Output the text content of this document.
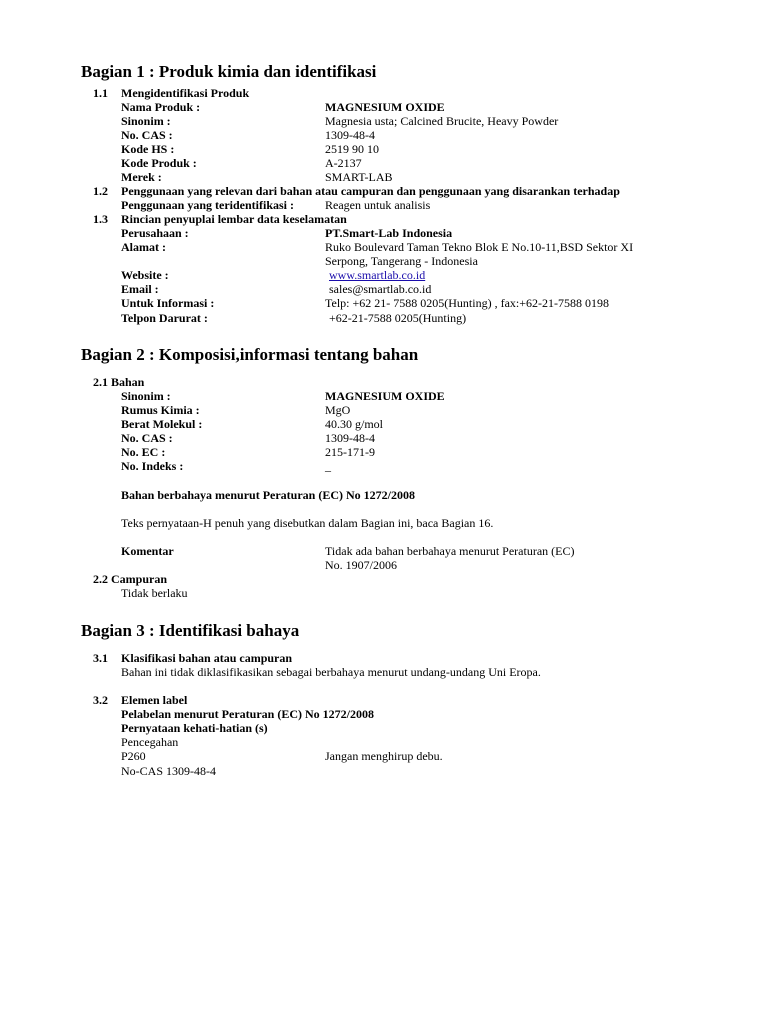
Bagian 1 : Produk kimia dan identifikasi
1.1 Mengidentifikasi Produk
Nama Produk :	MAGNESIUM OXIDE
Sinonim :	Magnesia usta; Calcined Brucite, Heavy Powder
No. CAS :	1309-48-4
Kode HS :	2519 90 10
Kode Produk :	A-2137
Merek :	SMART-LAB
1.2 Penggunaan yang relevan dari bahan atau campuran dan penggunaan yang disarankan terhadap
Penggunaan yang teridentifikasi :	Reagen untuk analisis
1.3 Rincian penyuplai lembar data keselamatan
Perusahaan :	PT.Smart-Lab Indonesia
Alamat :	Ruko Boulevard Taman Tekno Blok E No.10-11,BSD Sektor XI
Serpong, Tangerang - Indonesia
Website :	www.smartlab.co.id
Email :	sales@smartlab.co.id
Untuk Informasi :	Telp: +62 21- 7588 0205(Hunting) , fax:+62-21-7588 0198
Telpon Darurat :	+62-21-7588 0205(Hunting)
Bagian 2 : Komposisi,informasi tentang bahan
2.1 Bahan
Sinonim :	MAGNESIUM OXIDE
Rumus Kimia :	MgO
Berat Molekul :	40.30 g/mol
No. CAS :	1309-48-4
No. EC :	215-171-9
No. Indeks :	_
Bahan berbahaya menurut Peraturan (EC) No 1272/2008
Teks pernyataan-H penuh yang disebutkan dalam Bagian ini, baca Bagian 16.
Komentar	Tidak ada bahan berbahaya menurut Peraturan (EC)
No. 1907/2006
2.2 Campuran
Tidak berlaku
Bagian 3 : Identifikasi bahaya
3.1 Klasifikasi bahan atau campuran
Bahan ini tidak diklasifikasikan sebagai berbahaya menurut undang-undang Uni Eropa.
3.2 Elemen label
Pelabelan menurut Peraturan (EC) No 1272/2008
Pernyataan kehati-hatian (s)
Pencegahan
P260	Jangan menghirup debu.
No-CAS 1309-48-4
